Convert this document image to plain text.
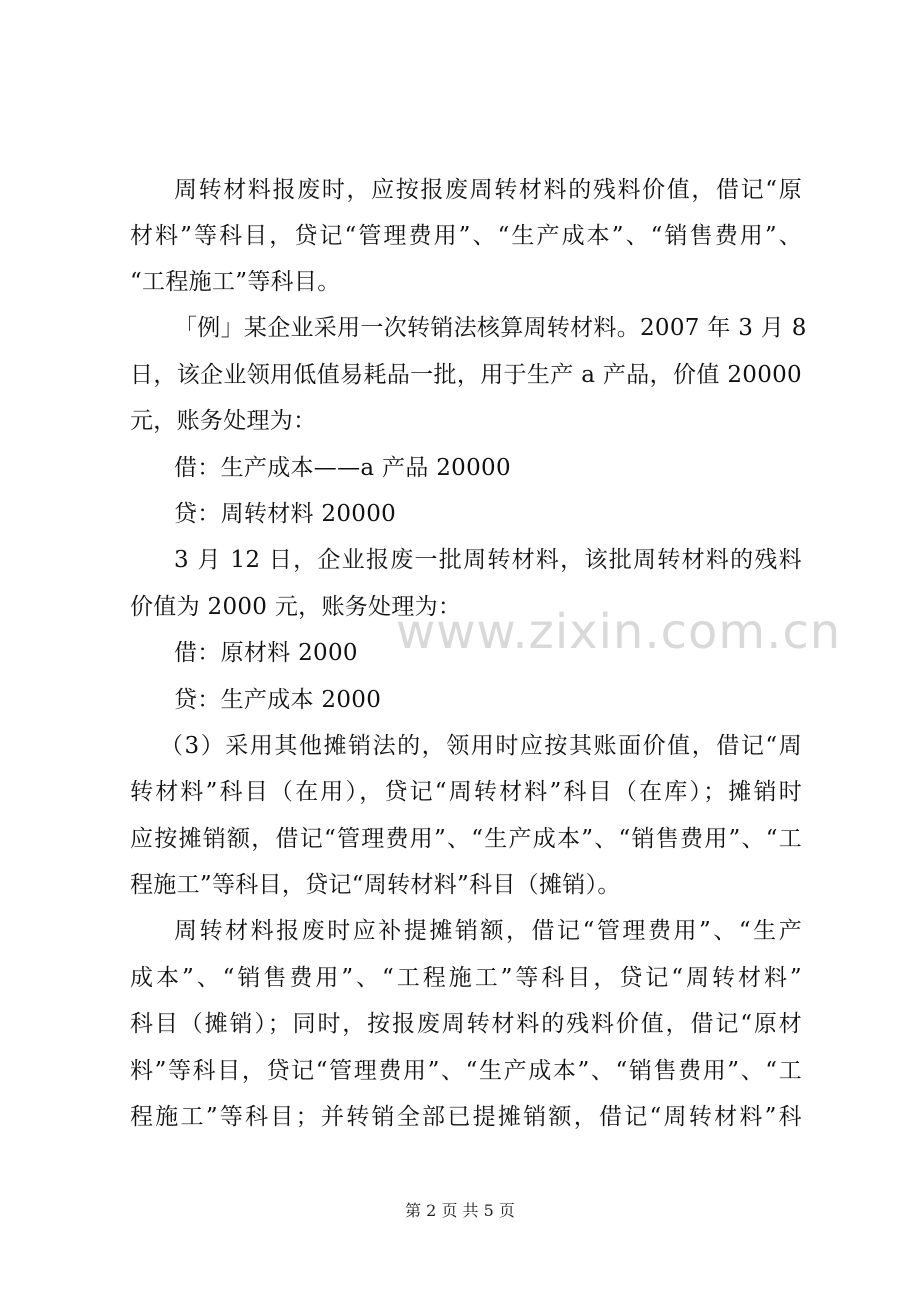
周转材料报废时，应按报废周转材料的残料价值，借记“原
材料”等科目，贷记“管理费用”、“生产成本”、“销售费用”、
“工程施工”等科目。
「例」某企业采用一次转销法核算周转材料。2007 年 3 月 8
日，该企业领用低值易耗品一批，用于生产 a 产品，价值 20000
元，账务处理为：
借：生产成本——a 产品 20000
贷：周转材料 20000
3 月 12 日，企业报废一批周转材料，该批周转材料的残料
价值为 2000 元，账务处理为：
借：原材料 2000
贷：生产成本 2000
（3）采用其他摊销法的，领用时应按其账面价值，借记“周
转材料”科目（在用），贷记“周转材料”科目（在库）；摊销时
应按摊销额，借记“管理费用”、“生产成本”、“销售费用”、“工
程施工”等科目，贷记“周转材料”科目（摊销）。
周转材料报废时应补提摊销额，借记“管理费用”、“生产
成本”、“销售费用”、“工程施工”等科目，贷记“周转材料”
科目（摊销）；同时，按报废周转材料的残料价值，借记“原材
料”等科目，贷记“管理费用”、“生产成本”、“销售费用”、“工
程施工”等科目；并转销全部已提摊销额，借记“周转材料”科
www.zixin.com.cn
第 2 页 共 5 页
